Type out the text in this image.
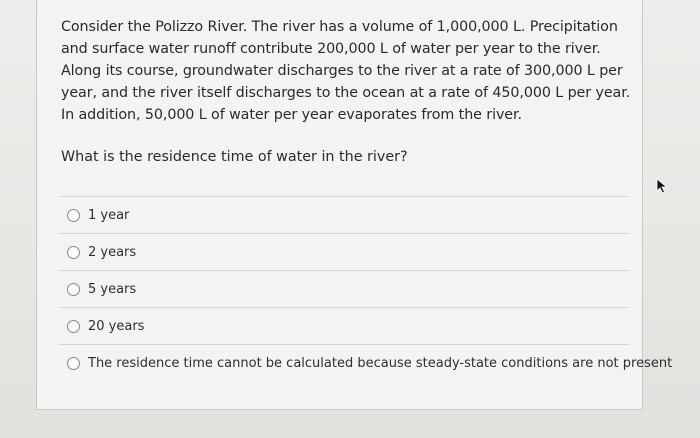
Consider the Polizzo River. The river has a volume of 1,000,000 L. Precipitation and surface water runoff contribute 200,000 L of water per year to the river. Along its course, groundwater discharges to the river at a rate of 300,000 L per year, and the river itself discharges to the ocean at a rate of 450,000 L per year. In addition, 50,000 L of water per year evaporates from the river.
What is the residence time of water in the river?
1 year
2 years
5 years
20 years
The residence time cannot be calculated because steady-state conditions are not present
